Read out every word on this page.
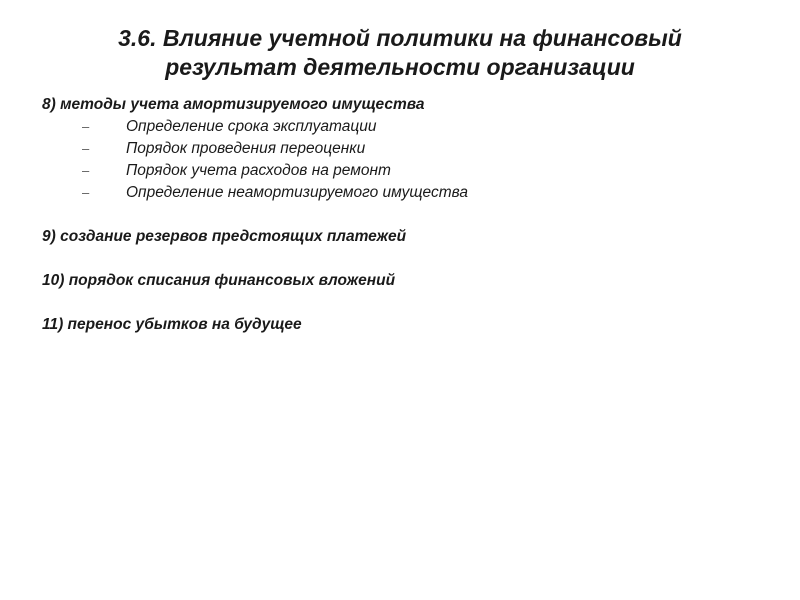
3.6. Влияние учетной политики на финансовый
результат деятельности организации

8) методы учета амортизируемого имущества

– Определение срока эксплуатации
– Порядок проведения переоценки
– Порядок учета расходов на ремонт
– Определение неамортизируемого имущества

9) создание резервов предстоящих платежей

10) порядок списания финансовых вложений

11) перенос убытков на будущее
